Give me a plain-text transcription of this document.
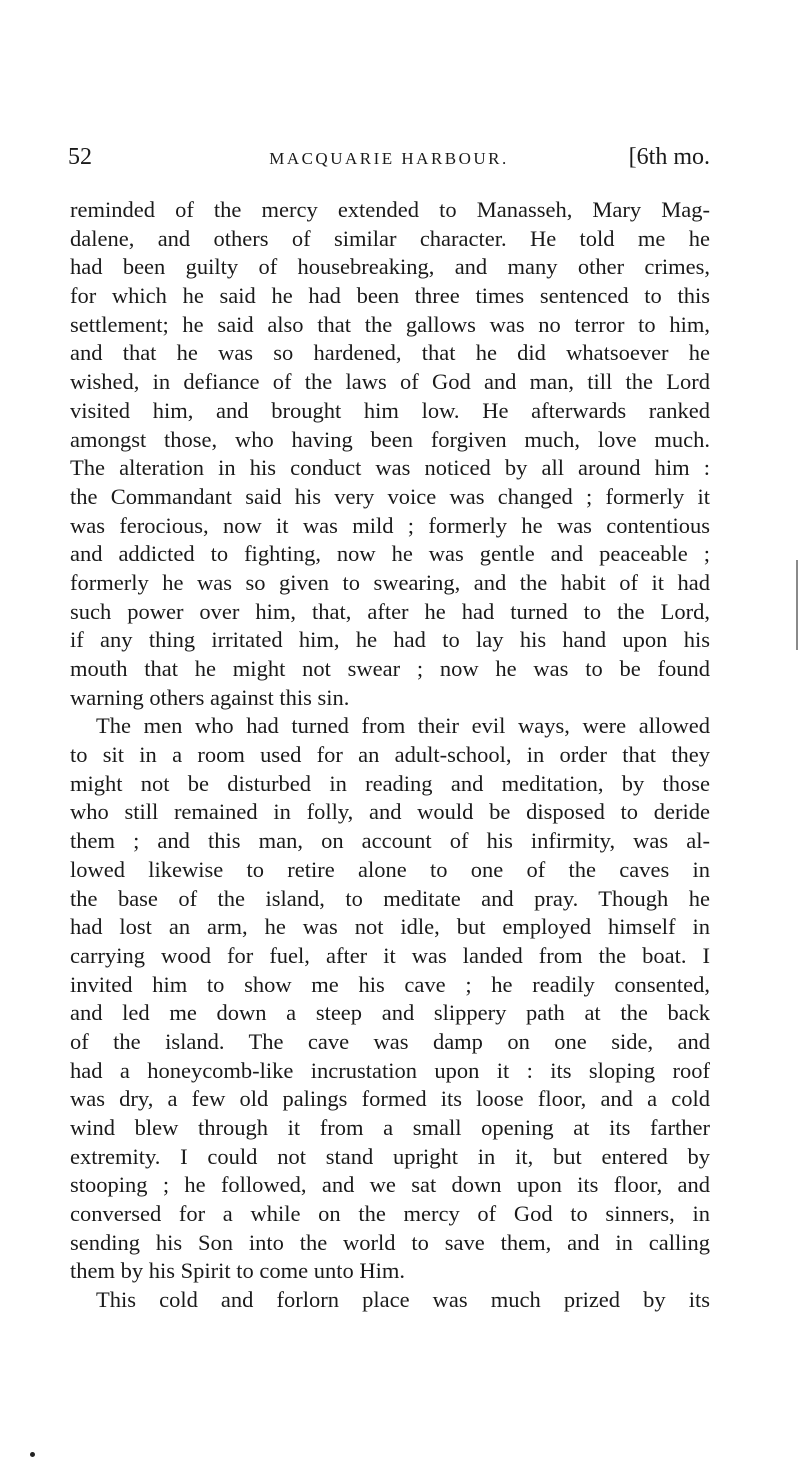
52	MACQUARIE HARBOUR.	[6th mo.
reminded of the mercy extended to Manasseh, Mary Mag-
dalene, and others of similar character. He told me he
had been guilty of housebreaking, and many other crimes,
for which he said he had been three times sentenced to this
settlement; he said also that the gallows was no terror to him,
and that he was so hardened, that he did whatsoever he
wished, in defiance of the laws of God and man, till the Lord
visited him, and brought him low. He afterwards ranked
amongst those, who having been forgiven much, love much.
The alteration in his conduct was noticed by all around him :
the Commandant said his very voice was changed ; formerly it
was ferocious, now it was mild ; formerly he was contentious
and addicted to fighting, now he was gentle and peaceable ;
formerly he was so given to swearing, and the habit of it had
such power over him, that, after he had turned to the Lord,
if any thing irritated him, he had to lay his hand upon his
mouth that he might not swear ; now he was to be found
warning others against this sin.
The men who had turned from their evil ways, were allowed
to sit in a room used for an adult-school, in order that they
might not be disturbed in reading and meditation, by those
who still remained in folly, and would be disposed to deride
them ; and this man, on account of his infirmity, was al-
lowed likewise to retire alone to one of the caves in
the base of the island, to meditate and pray. Though he
had lost an arm, he was not idle, but employed himself in
carrying wood for fuel, after it was landed from the boat. I
invited him to show me his cave ; he readily consented,
and led me down a steep and slippery path at the back
of the island. The cave was damp on one side, and
had a honeycomb-like incrustation upon it : its sloping roof
was dry, a few old palings formed its loose floor, and a cold
wind blew through it from a small opening at its farther
extremity. I could not stand upright in it, but entered by
stooping ; he followed, and we sat down upon its floor, and
conversed for a while on the mercy of God to sinners, in
sending his Son into the world to save them, and in calling
them by his Spirit to come unto Him.
This cold and forlorn place was much prized by its
